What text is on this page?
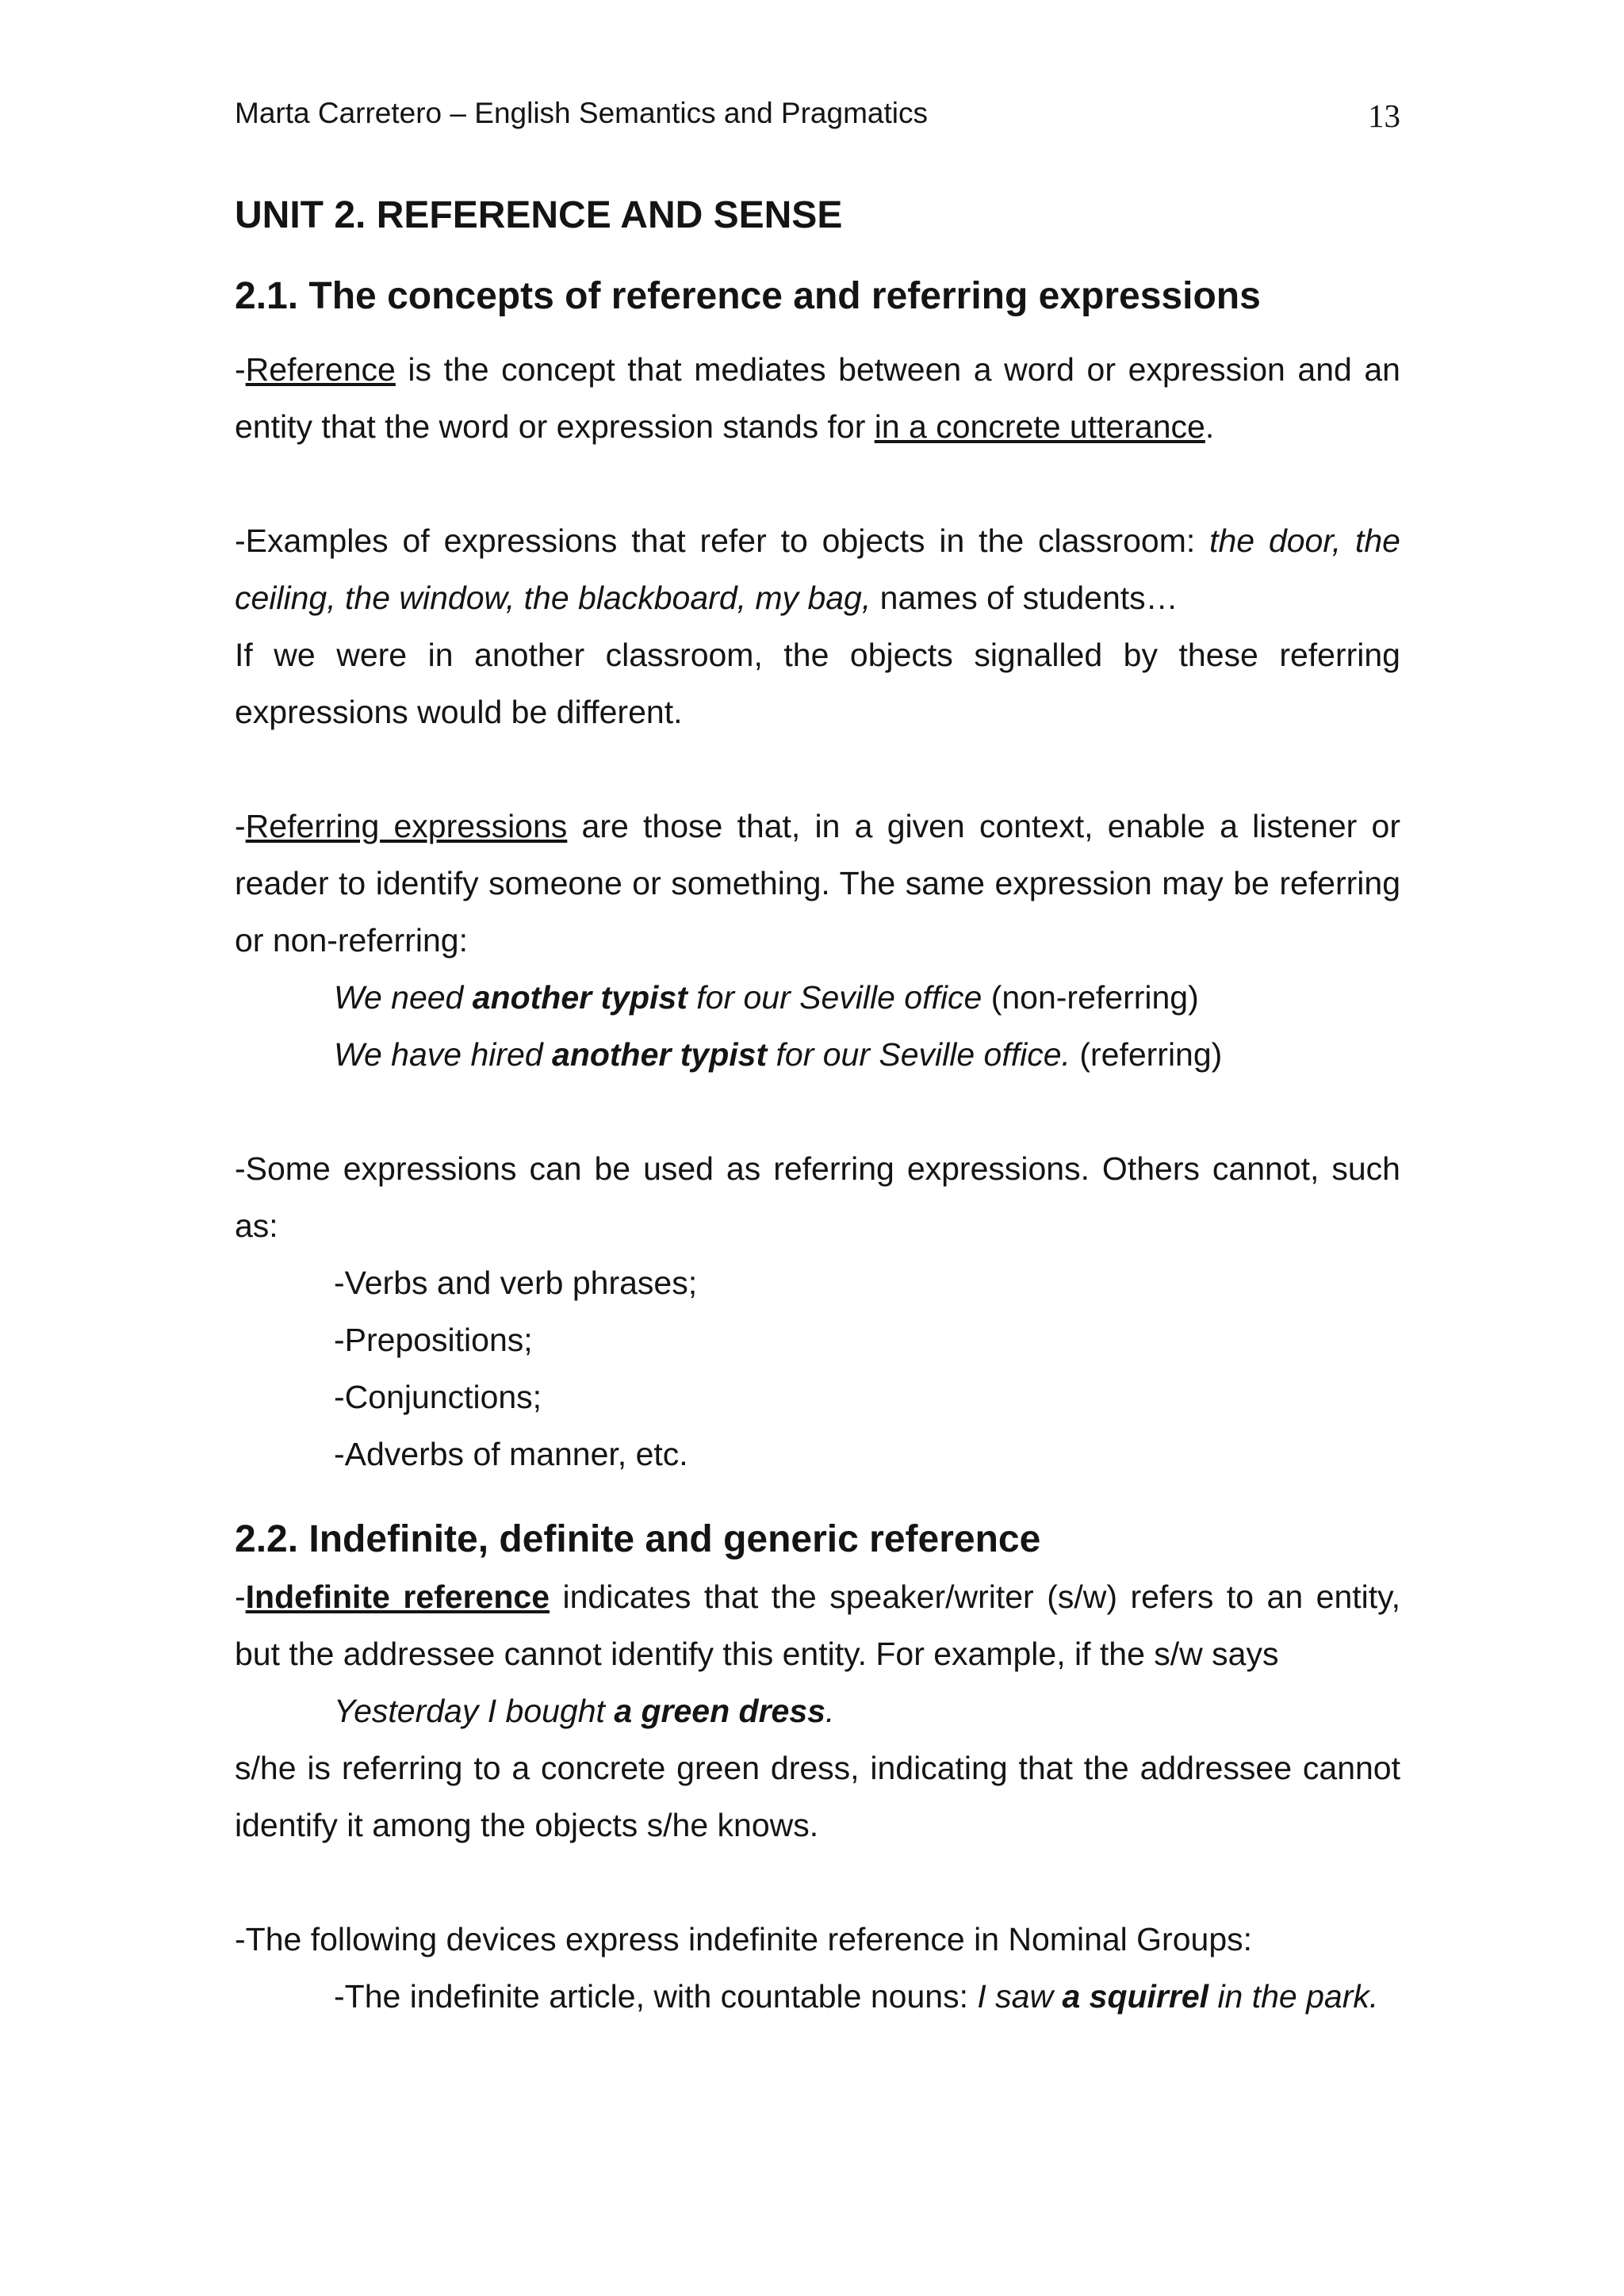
Marta Carretero – English Semantics and Pragmatics	13
UNIT 2. REFERENCE AND SENSE
2.1. The concepts of reference and referring expressions

-Reference is the concept that mediates between a word or expression and an entity that the word or expression stands for in a concrete utterance.

-Examples of expressions that refer to objects in the classroom: the door, the ceiling, the window, the blackboard, my bag, names of students…

If we were in another classroom, the objects signalled by these referring expressions would be different.

-Referring expressions are those that, in a given context, enable a listener or reader to identify someone or something. The same expression may be referring or non-referring:

We need another typist for our Seville office (non-referring)

We have hired another typist for our Seville office. (referring)

-Some expressions can be used as referring expressions. Others cannot, such as:

-Verbs and verb phrases;

-Prepositions;

-Conjunctions;

-Adverbs of manner, etc.

2.2. Indefinite, definite and generic reference

-Indefinite reference indicates that the speaker/writer (s/w) refers to an entity, but the addressee cannot identify this entity. For example, if the s/w says

Yesterday I bought a green dress.

s/he is referring to a concrete green dress, indicating that the addressee cannot identify it among the objects s/he knows.

-The following devices express indefinite reference in Nominal Groups:

-The indefinite article, with countable nouns: I saw a squirrel in the park.
